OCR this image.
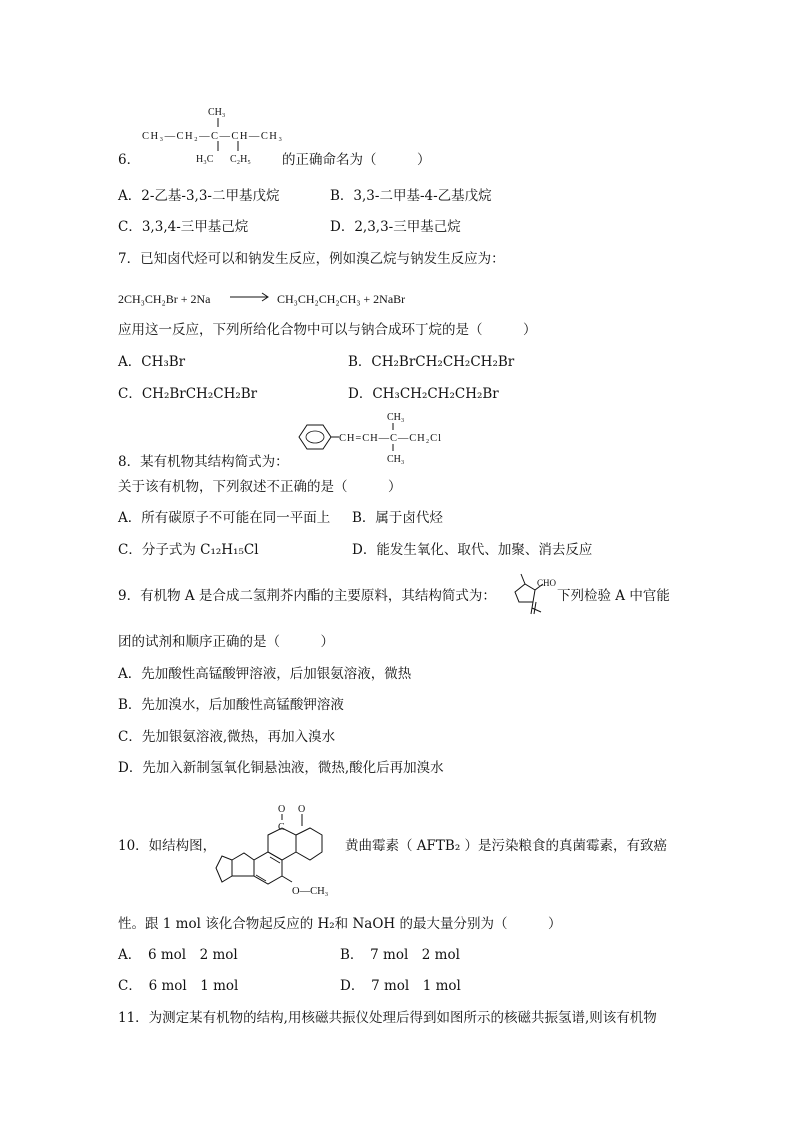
CH₃
CH₃—CH₂—C—CH—CH₃
H₃C C₂H₅
6．	的正确命名为（　　　）
A．2-乙基-3,3-二甲基戊烷	B．3,3-二甲基-4-乙基戊烷
C．3,3,4-三甲基己烷	D．2,3,3-三甲基己烷
7．已知卤代烃可以和钠发生反应，例如溴乙烷与钠发生反应为：
2CH₃CH₂Br + 2Na → CH₃CH₂CH₂CH₃ + 2NaBr
应用这一反应，下列所给化合物中可以与钠合成环丁烷的是（　　　）
A．CH₃Br	B．CH₂BrCH₂CH₂CH₂Br
C．CH₂BrCH₂CH₂Br	D．CH₃CH₂CH₂CH₂Br
CH₃
CH=CH—C—CH₂Cl
CH₃
8．某有机物其结构简式为：
关于该有机物，下列叙述不正确的是（　　　）
A．所有碳原子不可能在同一平面上 B．属于卤代烃
C．分子式为 C₁₂H₁₅Cl	D．能发生氧化、取代、加聚、消去反应
9．有机物 A 是合成二氢荆芥内酯的主要原料，其结构简式为：
CHO
下列检验 A 中官能
团的试剂和顺序正确的是（　　　）
A．先加酸性高锰酸钾溶液，后加银氨溶液，微热
B．先加溴水，后加酸性高锰酸钾溶液
C．先加银氨溶液,微热，再加入溴水
D．先加入新制氢氧化铜悬浊液，微热,酸化后再加溴水
O
C
O
O—CH₃
10．如结构图，	黄曲霉素（ AFTB₂ ）是污染粮食的真菌霉素，有致癌
性。跟 1 mol 该化合物起反应的 H₂和 NaOH 的最大量分别为（　　　）
A．　 6 mol　2 mol	B．　 7 mol　2 mol
C．　 6 mol　1 mol	D．　 7 mol　1 mol
11．为测定某有机物的结构,用核磁共振仪处理后得到如图所示的核磁共振氢谱,则该有机物
